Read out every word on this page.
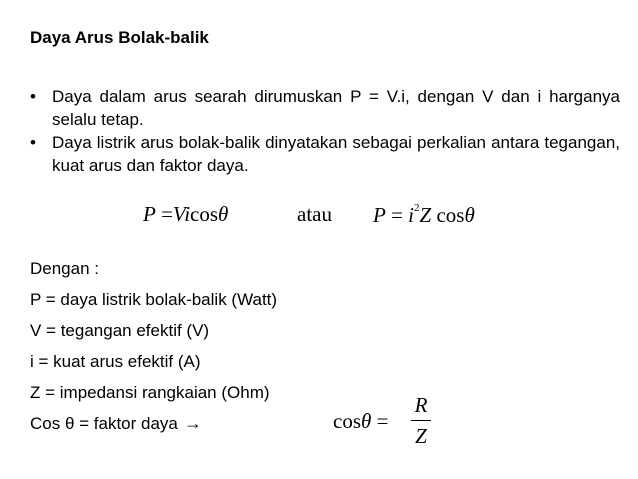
Daya Arus Bolak-balik
• Daya dalam arus searah dirumuskan P = V.i, dengan V dan i harganya selalu tetap.
• Daya listrik arus bolak-balik dinyatakan sebagai perkalian antara tegangan, kuat arus dan faktor daya.
P =Vicosθ	atau $P = i^2Z$ cosθ
Dengan :
P = daya listrik bolak-balik (Watt)
V = tegangan efektif (V)
i = kuat arus efektif (A)
Z = impedansi rangkaian (Ohm)
Cos θ = faktor daya →	cosθ =
R
Z
